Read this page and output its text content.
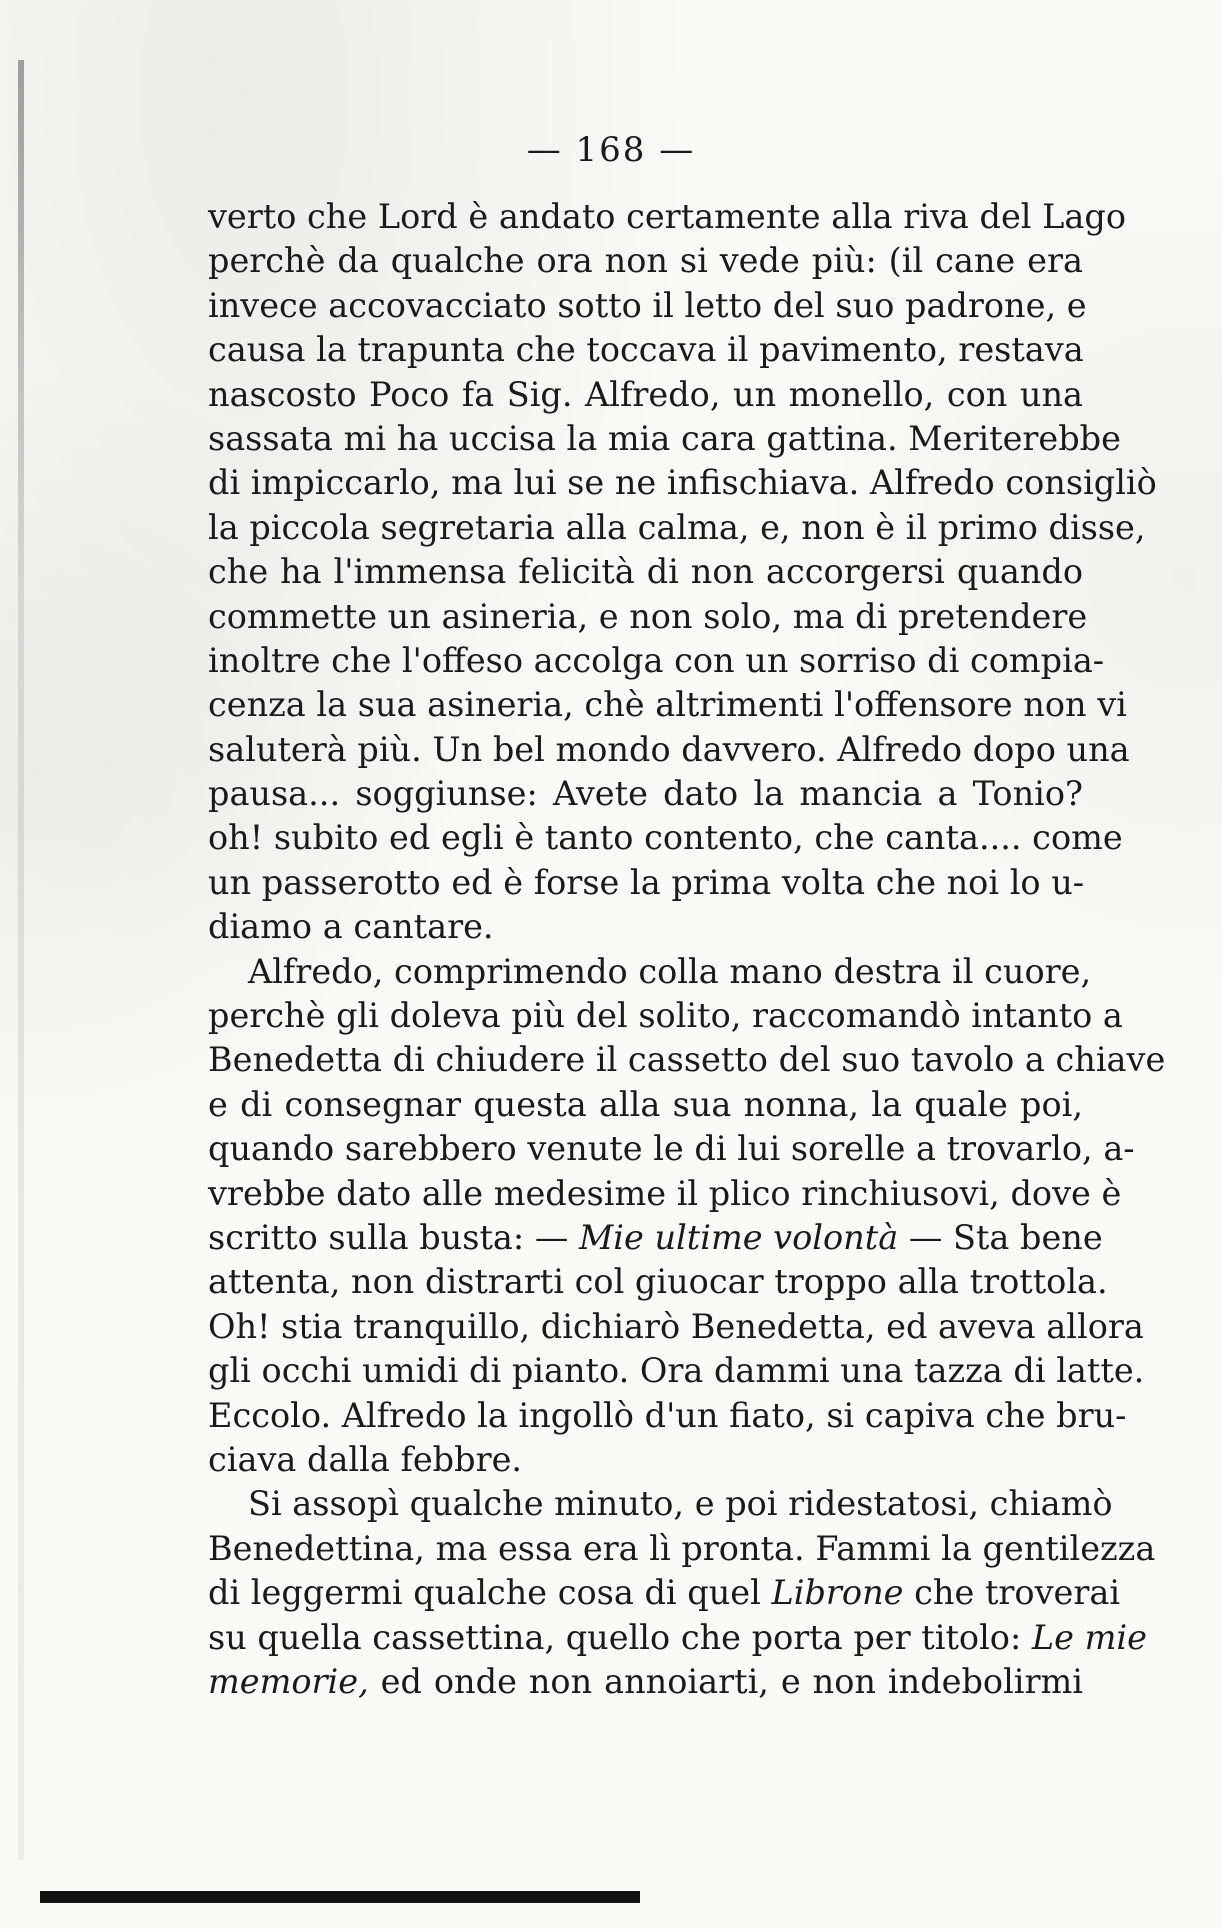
— 168 —
verto che Lord è andato certamente alla riva del Lago
perchè da qualche ora non si vede più: (il cane era
invece accovacciato sotto il letto del suo padrone, e
causa la trapunta che toccava il pavimento, restava
nascosto Poco fa Sig. Alfredo, un monello, con una
sassata mi ha uccisa la mia cara gattina. Meriterebbe
di impiccarlo, ma lui se ne infischiava. Alfredo consigliò
la piccola segretaria alla calma, e, non è il primo disse,
che ha l'immensa felicità di non accorgersi quando
commette un asineria, e non solo, ma di pretendere
inoltre che l'offeso accolga con un sorriso di compia-
cenza la sua asineria, chè altrimenti l'offensore non vi
saluterà più. Un bel mondo davvero. Alfredo dopo una
pausa... soggiunse: Avete dato la mancia a Tonio?
oh! subito ed egli è tanto contento, che canta.... come
un passerotto ed è forse la prima volta che noi lo u-
diamo a cantare.
Alfredo, comprimendo colla mano destra il cuore,
perchè gli doleva più del solito, raccomandò intanto a
Benedetta di chiudere il cassetto del suo tavolo a chiave
e di consegnar questa alla sua nonna, la quale poi,
quando sarebbero venute le di lui sorelle a trovarlo, a-
vrebbe dato alle medesime il plico rinchiusovi, dove è
scritto sulla busta: — Mie ultime volontà — Sta bene
attenta, non distrarti col giuocar troppo alla trottola.
Oh! stia tranquillo, dichiarò Benedetta, ed aveva allora
gli occhi umidi di pianto. Ora dammi una tazza di latte.
Eccolo. Alfredo la ingollò d'un fiato, si capiva che bru-
ciava dalla febbre.
Si assopì qualche minuto, e poi ridestatosi, chiamò
Benedettina, ma essa era lì pronta. Fammi la gentilezza
di leggermi qualche cosa di quel Librone che troverai
su quella cassettina, quello che porta per titolo: Le mie
memorie, ed onde non annoiarti, e non indebolirmi
